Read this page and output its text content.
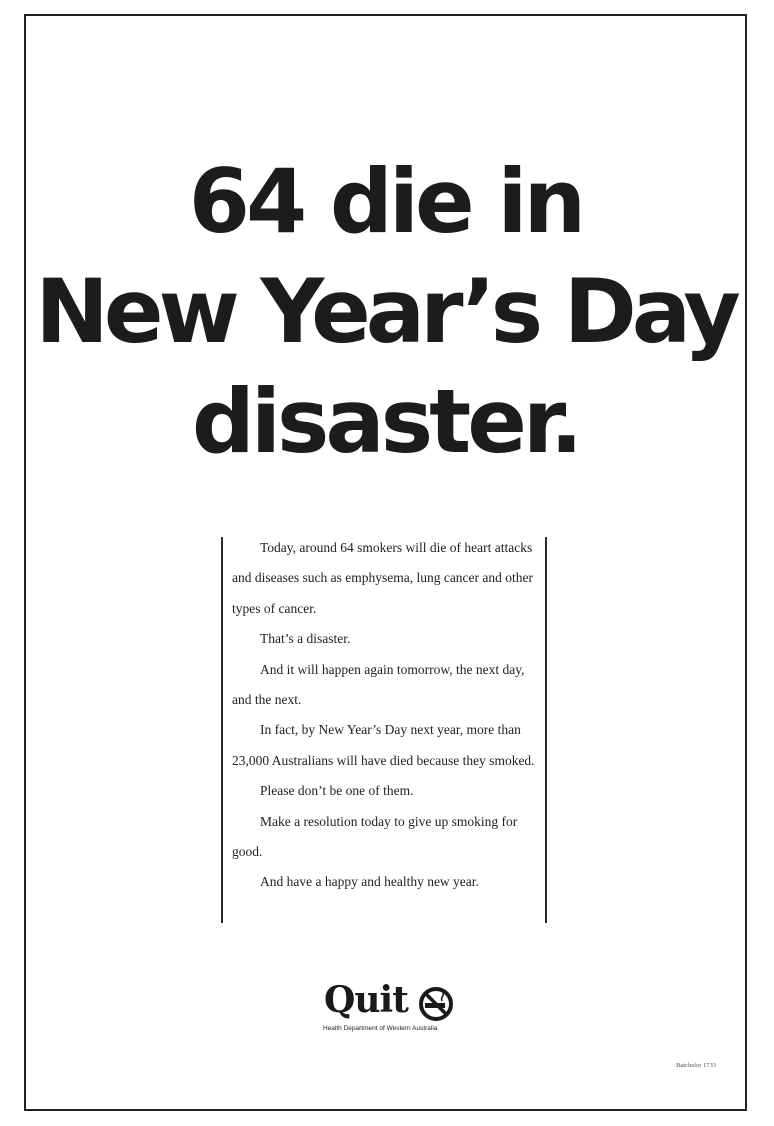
64 die in
New Year’s Day
disaster.

Today, around 64 smokers will die of heart attacks and diseases such as emphysema, lung cancer and other types of cancer.

That’s a disaster.

And it will happen again tomorrow, the next day, and the next.

In fact, by New Year’s Day next year, more than 23,000 Australians will have died because they smoked.

Please don’t be one of them.

Make a resolution today to give up smoking for good.

And have a happy and healthy new year.

Quit
Health Department of Western Australia
Batchelor 1733
